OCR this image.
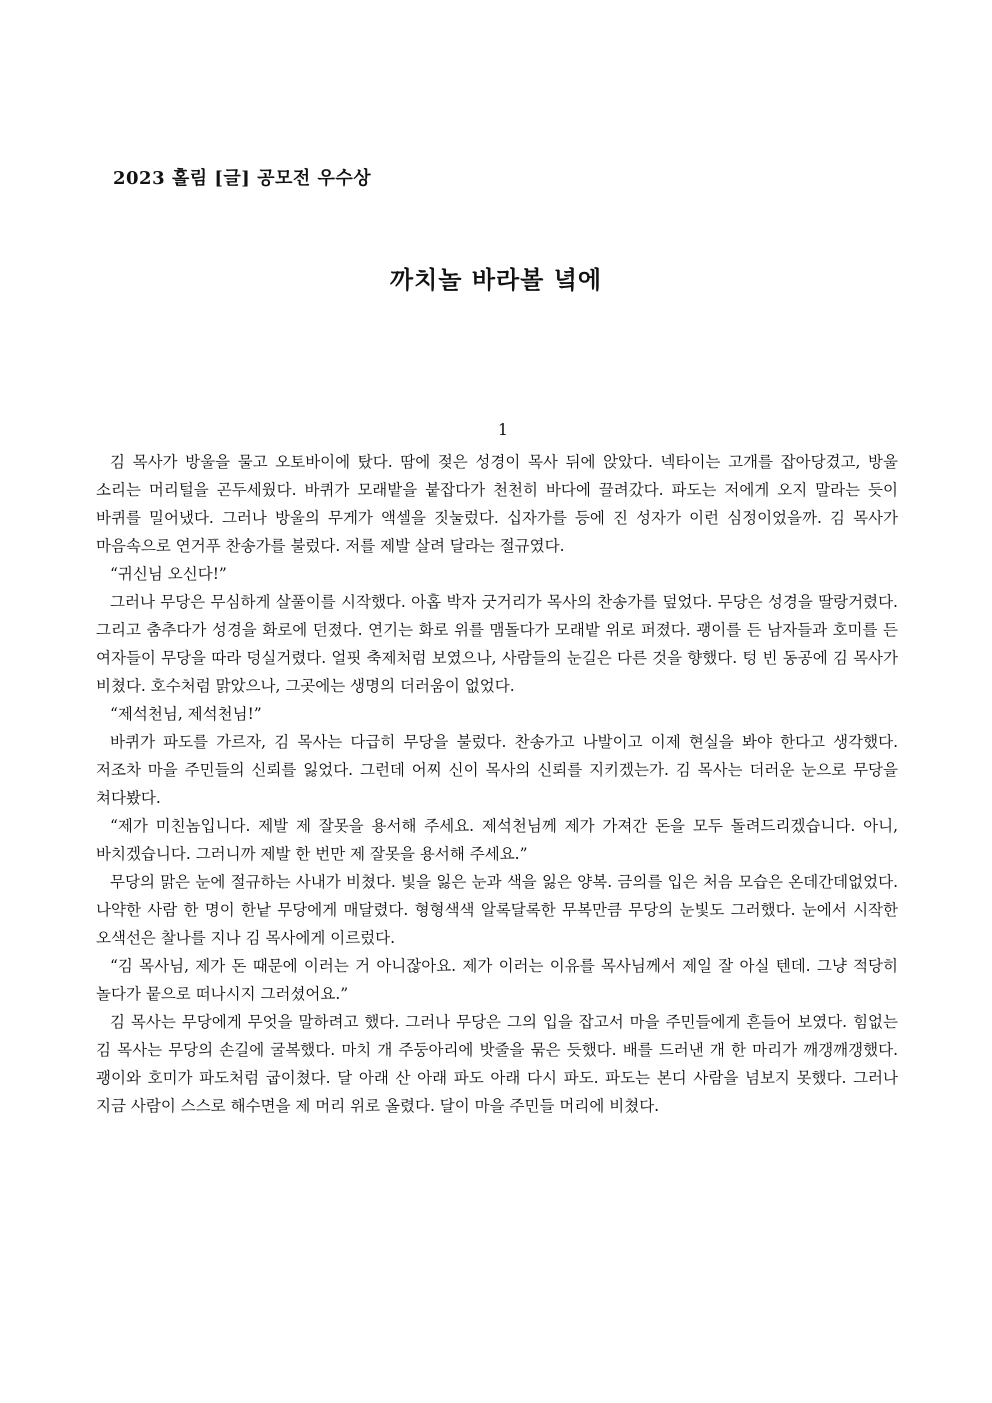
2023 홀림 [글] 공모전 우수상
까치놀 바라볼 녘에
1

김 목사가 방울을 물고 오토바이에 탔다. 땀에 젖은 성경이 목사 뒤에 앉았다. 넥타이는 고개를 잡아당겼고, 방울 소리는 머리털을 곤두세웠다. 바퀴가 모래밭을 붙잡다가 천천히 바다에 끌려갔다. 파도는 저에게 오지 말라는 듯이 바퀴를 밀어냈다. 그러나 방울의 무게가 액셀을 짓눌렀다. 십자가를 등에 진 성자가 이런 심정이었을까. 김 목사가 마음속으로 연거푸 찬송가를 불렀다. 저를 제발 살려 달라는 절규였다.

“귀신님 오신다!”

그러나 무당은 무심하게 살풀이를 시작했다. 아홉 박자 굿거리가 목사의 찬송가를 덮었다. 무당은 성경을 딸랑거렸다. 그리고 춤추다가 성경을 화로에 던졌다. 연기는 화로 위를 맴돌다가 모래밭 위로 퍼졌다. 괭이를 든 남자들과 호미를 든 여자들이 무당을 따라 덩실거렸다. 얼핏 축제처럼 보였으나, 사람들의 눈길은 다른 것을 향했다. 텅 빈 동공에 김 목사가 비쳤다. 호수처럼 맑았으나, 그곳에는 생명의 더러움이 없었다.

“제석천님, 제석천님!”

바퀴가 파도를 가르자, 김 목사는 다급히 무당을 불렀다. 찬송가고 나발이고 이제 현실을 봐야 한다고 생각했다. 저조차 마을 주민들의 신뢰를 잃었다. 그런데 어찌 신이 목사의 신뢰를 지키겠는가. 김 목사는 더러운 눈으로 무당을 쳐다봤다.

“제가 미친놈입니다. 제발 제 잘못을 용서해 주세요. 제석천님께 제가 가져간 돈을 모두 돌려드리겠습니다. 아니, 바치겠습니다. 그러니까 제발 한 번만 제 잘못을 용서해 주세요.”

무당의 맑은 눈에 절규하는 사내가 비쳤다. 빛을 잃은 눈과 색을 잃은 양복. 금의를 입은 처음 모습은 온데간데없었다. 나약한 사람 한 명이 한낱 무당에게 매달렸다. 형형색색 알록달록한 무복만큼 무당의 눈빛도 그러했다. 눈에서 시작한 오색선은 찰나를 지나 김 목사에게 이르렀다.

“김 목사님, 제가 돈 때문에 이러는 거 아니잖아요. 제가 이러는 이유를 목사님께서 제일 잘 아실 텐데. 그냥 적당히 놀다가 뭍으로 떠나시지 그러셨어요.”

김 목사는 무당에게 무엇을 말하려고 했다. 그러나 무당은 그의 입을 잡고서 마을 주민들에게 흔들어 보였다. 힘없는 김 목사는 무당의 손길에 굴복했다. 마치 개 주둥아리에 밧줄을 묶은 듯했다. 배를 드러낸 개 한 마리가 깨갱깨갱했다. 괭이와 호미가 파도처럼 굽이쳤다. 달 아래 산 아래 파도 아래 다시 파도. 파도는 본디 사람을 넘보지 못했다. 그러나 지금 사람이 스스로 해수면을 제 머리 위로 올렸다. 달이 마을 주민들 머리에 비쳤다.
